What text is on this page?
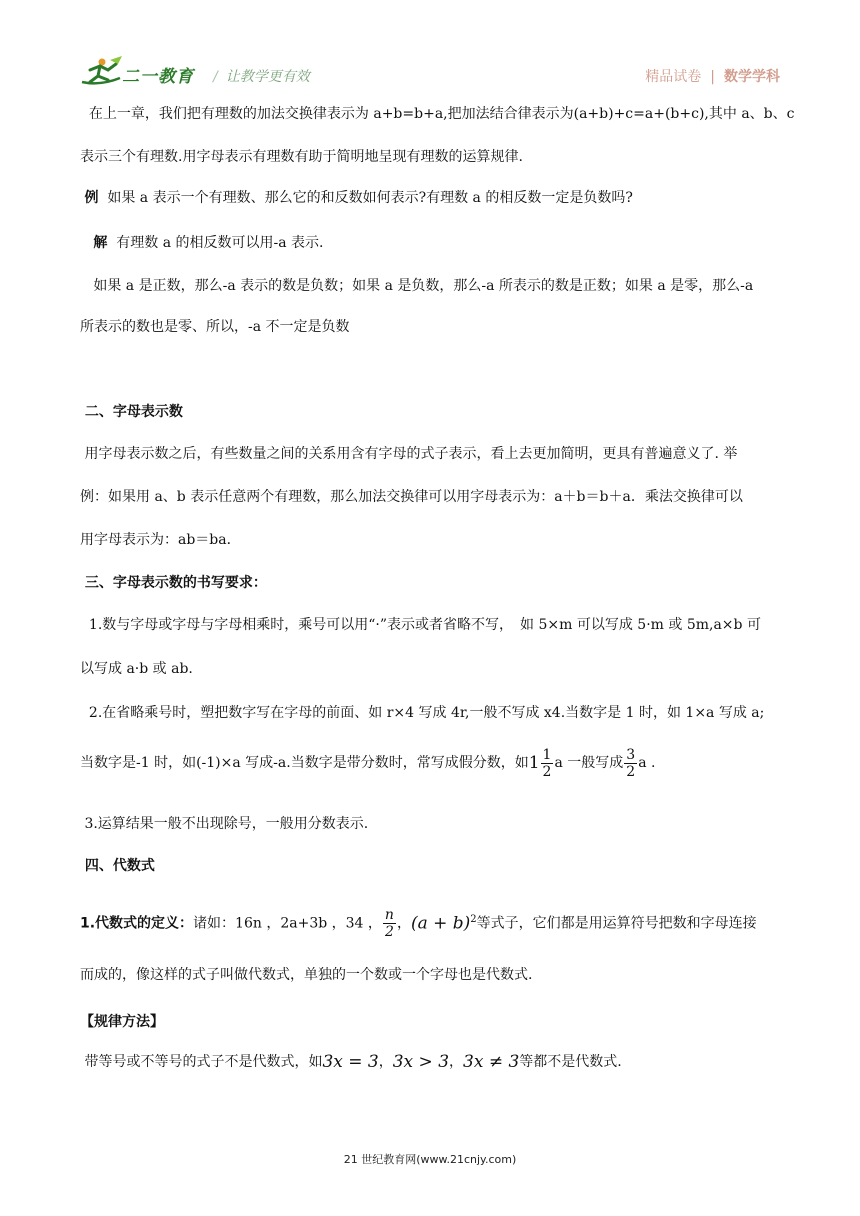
二一教育 / 让教学更有效	精品试卷 | 数学学科
在上一章，我们把有理数的加法交换律表示为 a+b=b+a,把加法结合律表示为(a+b)+c=a+(b+c),其中 a、b、c
表示三个有理数.用字母表示有理数有助于简明地呈现有理数的运算规律.
例 如果 a 表示一个有理数、那么它的和反数如何表示?有理数 a 的相反数一定是负数吗?
解 有理数 a 的相反数可以用-a 表示.
如果 a 是正数，那么-a 表示的数是负数；如果 a 是负数，那么-a 所表示的数是正数；如果 a 是零，那么-a
所表示的数也是零、所以，-a 不一定是负数
二、字母表示数
用字母表示数之后，有些数量之间的关系用含有字母的式子表示，看上去更加简明，更具有普遍意义了. 举
例：如果用 a、b 表示任意两个有理数，那么加法交换律可以用字母表示为：a＋b＝b＋a．乘法交换律可以
用字母表示为：ab＝ba．
三、字母表示数的书写要求：
1.数与字母或字母与字母相乘时，乘号可以用“·”表示或者省略不写，　如 5×m 可以写成 5·m 或 5m,a×b 可
以写成 a·b 或 ab.
2.在省略乘号时，塑把数字写在字母的前面、如 r×4 写成 4r,一般不写成 x4.当数字是 1 时，如 1×a 写成 a;
当数字是-1 时，如(-1)×a 写成-a.当数字是带分数时，常写成假分数，如$1 \frac{1}{2}$ a 一般写成 $\frac{3}{2}$ a .
3.运算结果一般不出现除号，一般用分数表示.
四、代数式
1.代数式的定义：诸如：16n ，2a+3b ，34 ， $\frac{n}{2}$ ，$(a + b)^2$等式子，它们都是用运算符号把数和字母连接
而成的，像这样的式子叫做代数式，单独的一个数或一个字母也是代数式.
【规律方法】
带等号或不等号的式子不是代数式，如3x = 3，3x > 3，3x ≠ 3等都不是代数式.
21 世纪教育网(www.21cnjy.com)
